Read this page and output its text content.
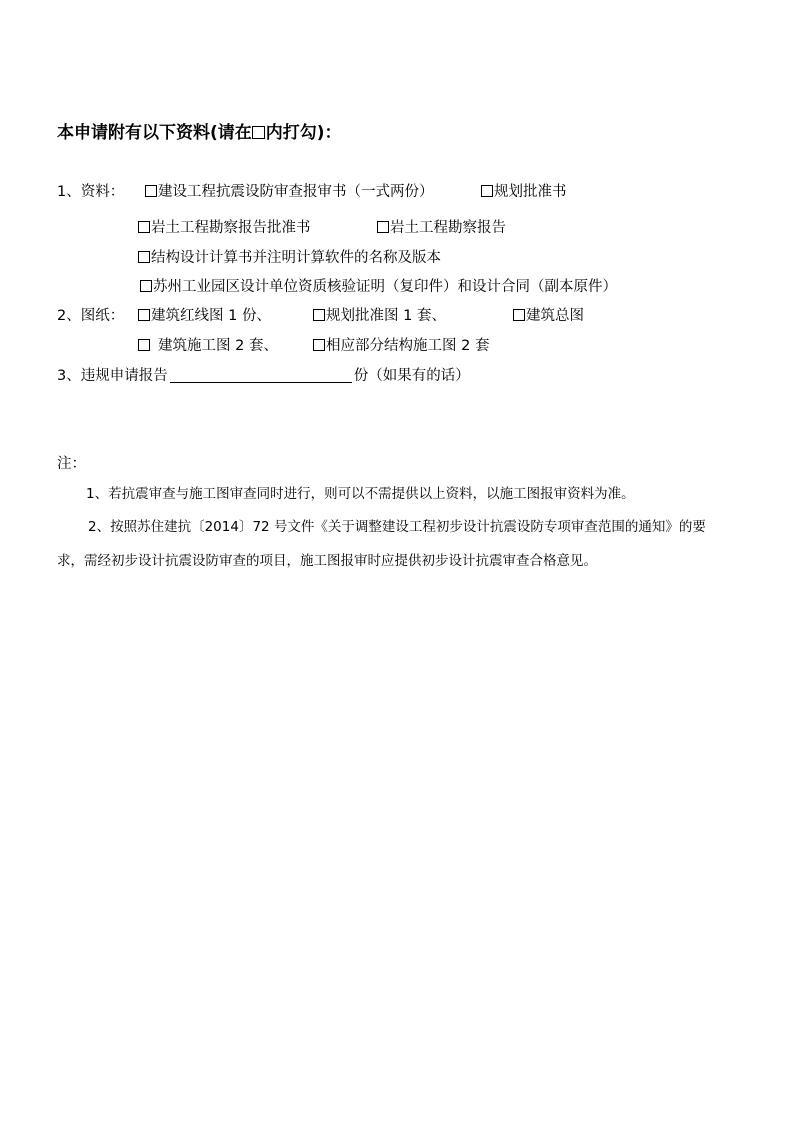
本申请附有以下资料(请在 内打勾)：
1、资料： 建设工程抗震设防审查报审书（一式两份）	规划批准书
岩土工程勘察报告批准书	岩土工程勘察报告
结构设计计算书并注明计算软件的名称及版本
苏州工业园区设计单位资质核验证明（复印件）和设计合同（副本原件）
2、图纸： 建筑红线图 1 份、	规划批准图 1 套、	建筑总图
建筑施工图 2 套、	相应部分结构施工图 2 套
3、违规申请报告	份（如果有的话）
注：
1、若抗震审查与施工图审查同时进行，则可以不需提供以上资料，以施工图报审资料为准。
2、按照苏住建抗〔2014〕72 号文件《关于调整建设工程初步设计抗震设防专项审查范围的通知》的要
求，需经初步设计抗震设防审查的项目，施工图报审时应提供初步设计抗震审查合格意见。
